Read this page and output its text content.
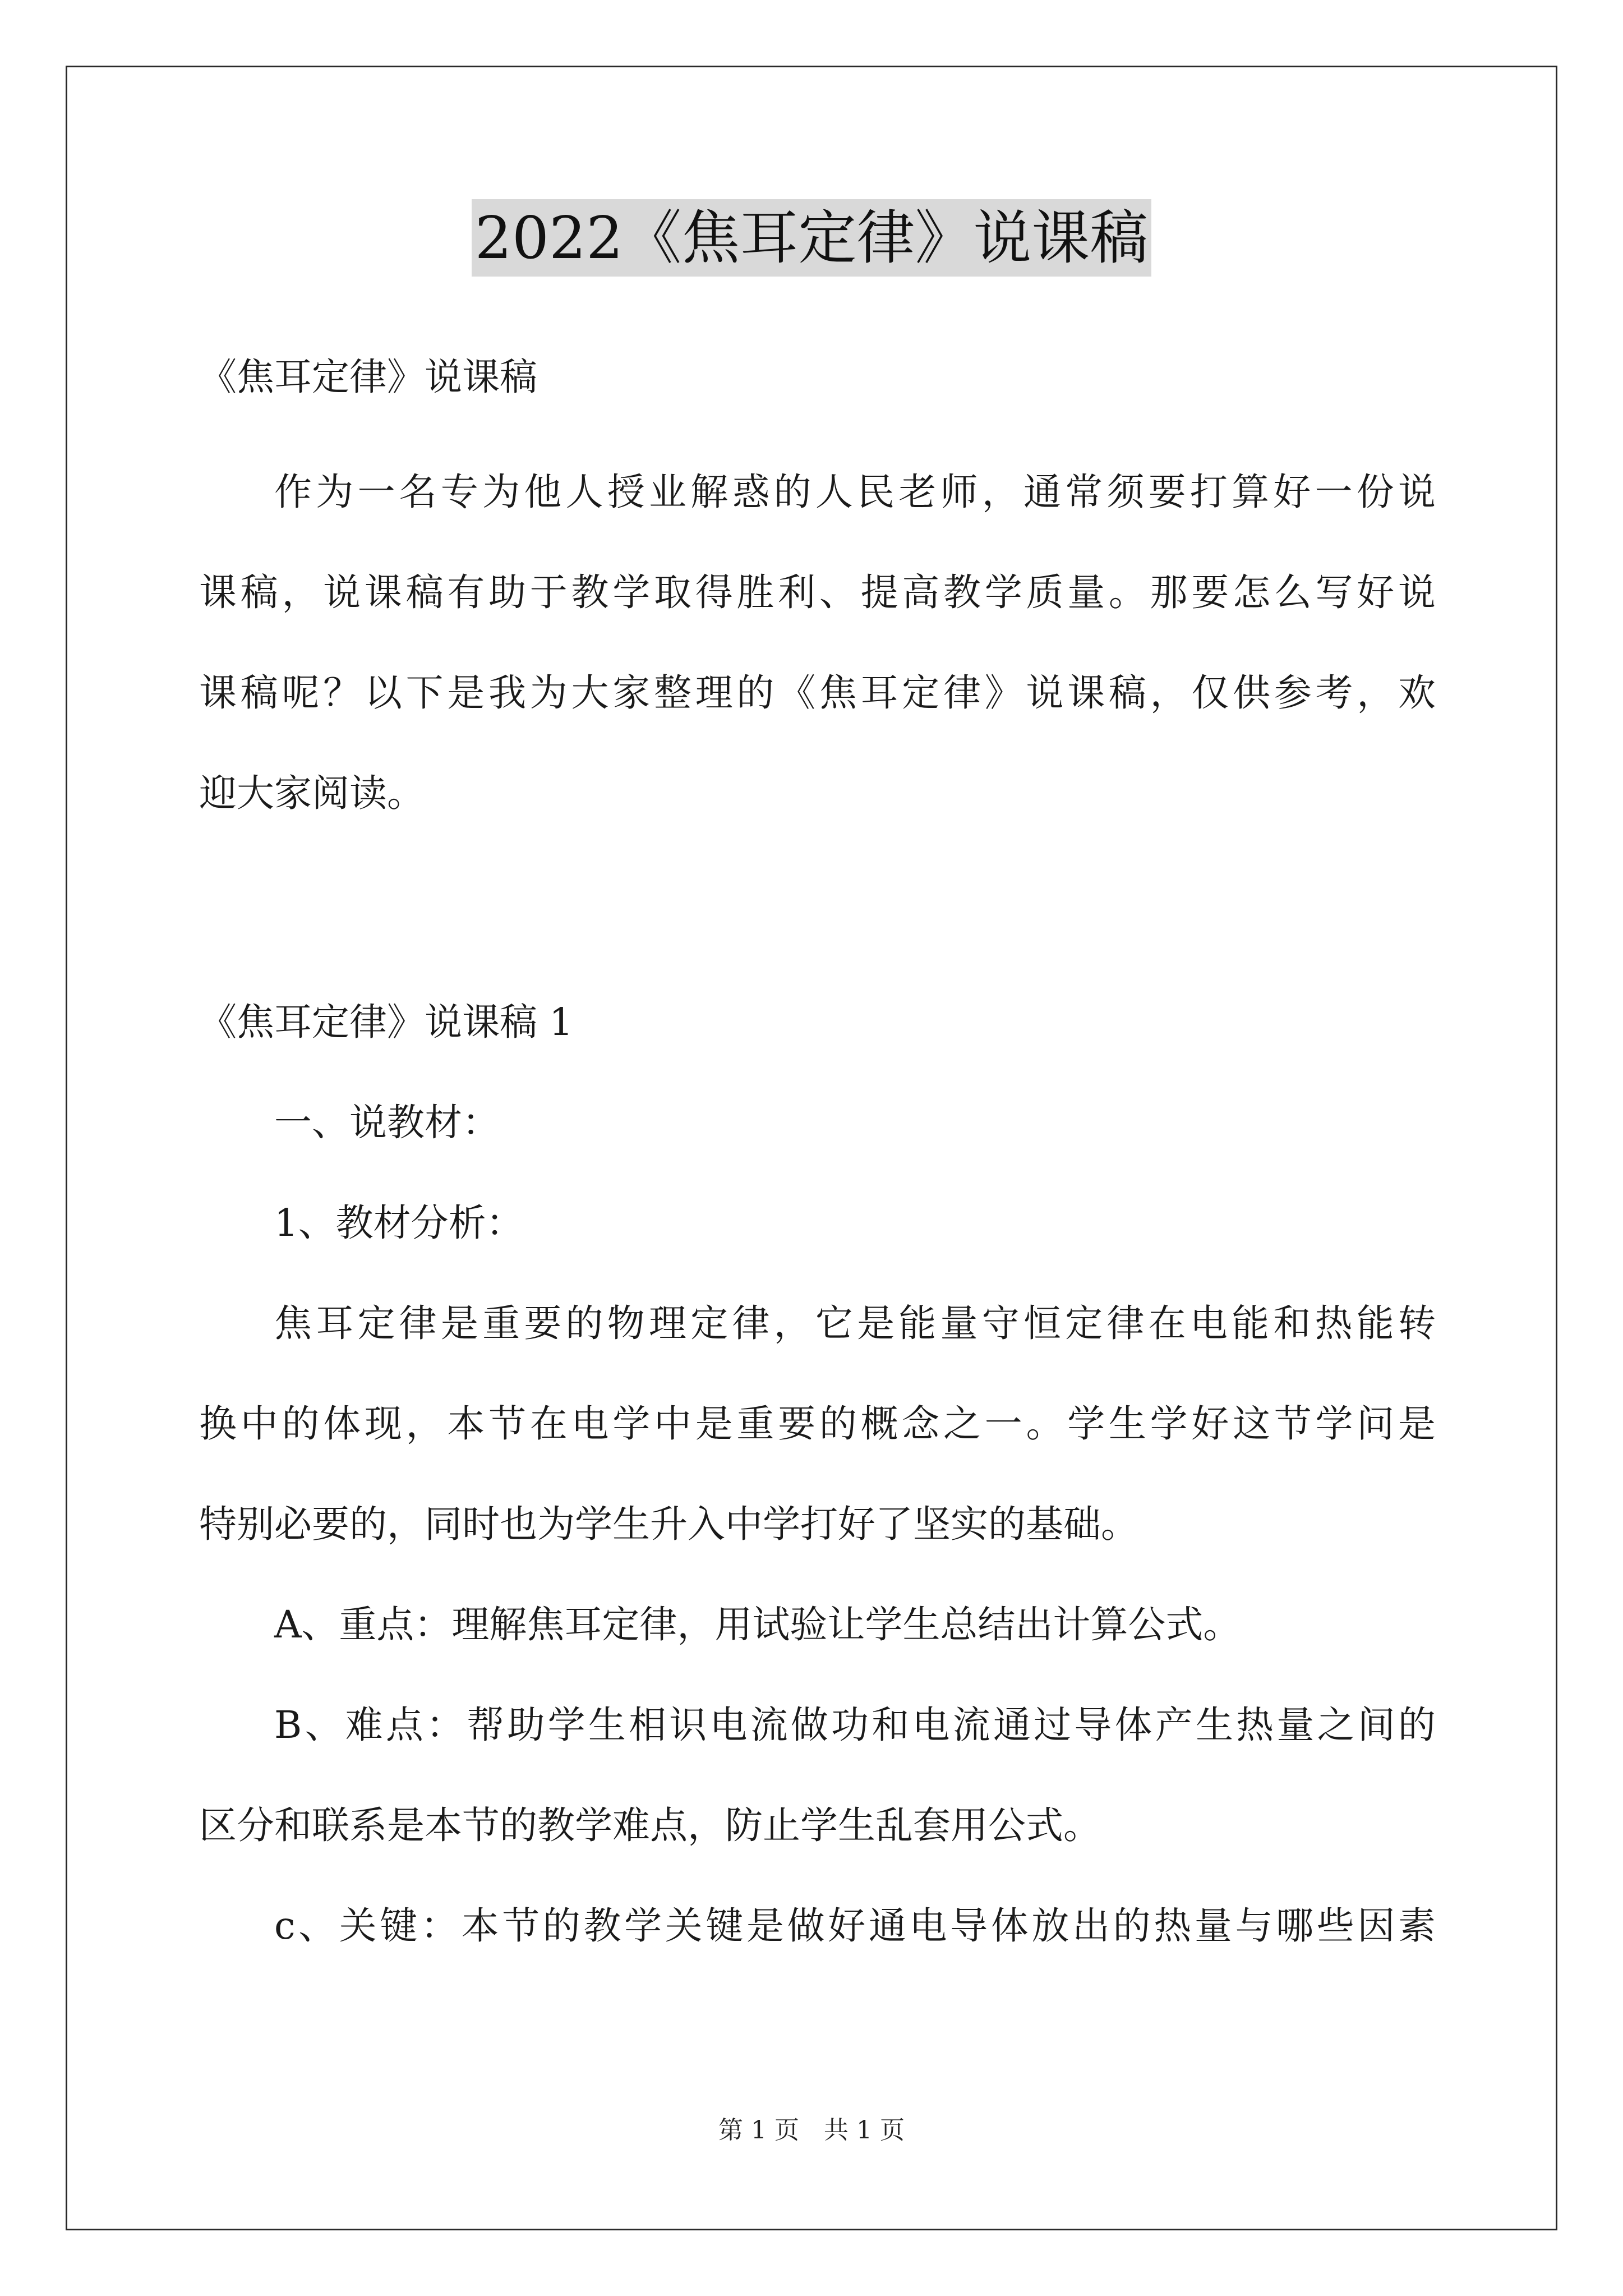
2022《焦耳定律》说课稿

《焦耳定律》说课稿

作为一名专为他人授业解惑的人民老师，通常须要打算好一份说

课稿，说课稿有助于教学取得胜利、提高教学质量。那要怎么写好说

课稿呢？以下是我为大家整理的《焦耳定律》说课稿，仅供参考，欢

迎大家阅读。

《焦耳定律》说课稿 1

一、说教材：

1、教材分析：

焦耳定律是重要的物理定律，它是能量守恒定律在电能和热能转

换中的体现，本节在电学中是重要的概念之一。学生学好这节学问是

特别必要的，同时也为学生升入中学打好了坚实的基础。

A、重点：理解焦耳定律，用试验让学生总结出计算公式。

B、难点：帮助学生相识电流做功和电流通过导体产生热量之间的

区分和联系是本节的教学难点，防止学生乱套用公式。

c、关键：本节的教学关键是做好通电导体放出的热量与哪些因素

第 1 页　共 1 页
